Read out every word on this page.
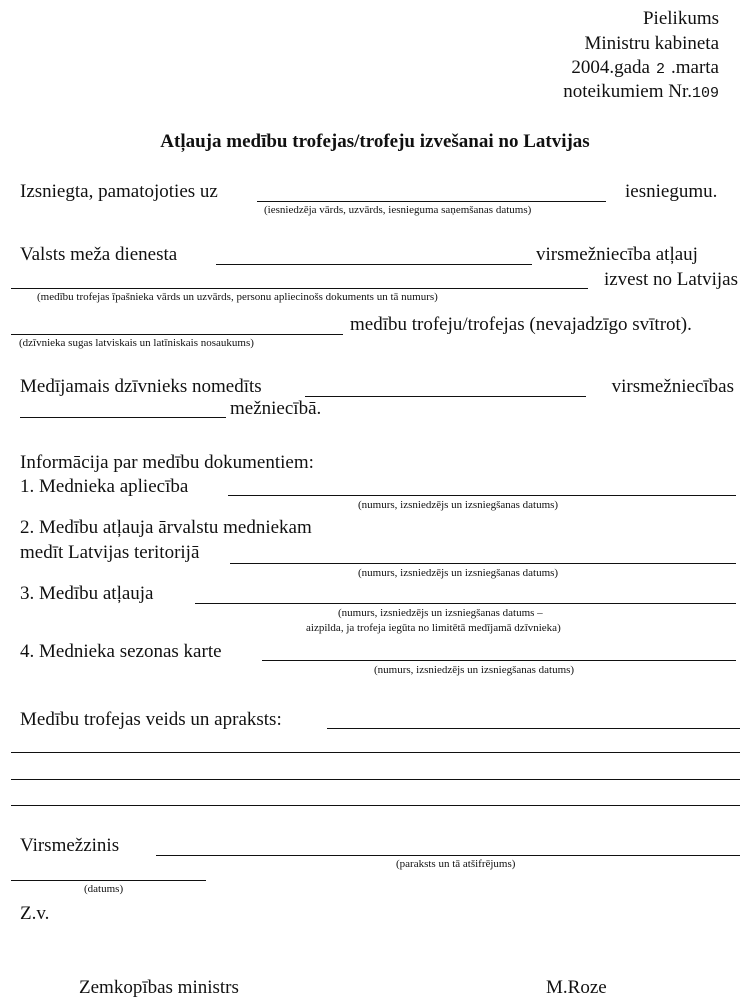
Pielikums
Ministru kabineta
2004.gada 2 .marta
noteikumiem Nr.109
Atļauja medību trofejas/trofeju izvešanai no Latvijas
Izsniegta, pamatojoties uz	iesniegumu.
(iesniedzēja vārds, uzvārds, iesnieguma saņemšanas datums)
Valsts meža dienesta	virsmežniecība atļauj
izvest no Latvijas
(medību trofejas īpašnieka vārds un uzvārds, personu apliecinošs dokuments un tā numurs)
medību trofeju/trofejas (nevajadzīgo svītrot).
(dzīvnieka sugas latviskais un latīniskais nosaukums)
Medījamais dzīvnieks nomedīts	virsmežniecības
mežniecībā.
Informācija par medību dokumentiem:
1. Mednieka apliecība
(numurs, izsniedzējs un izsniegšanas datums)
2. Medību atļauja ārvalstu medniekam
medīt Latvijas teritorijā
(numurs, izsniedzējs un izsniegšanas datums)
3. Medību atļauja
(numurs, izsniedzējs un izsniegšanas datums –
aizpilda, ja trofeja iegūta no limitētā medījamā dzīvnieka)
4. Mednieka sezonas karte
(numurs, izsniedzējs un izsniegšanas datums)
Medību trofejas veids un apraksts:
Virsmežzinis
(paraksts un tā atšifrējums)
(datums)
Z.v.
Zemkopības ministrs	M.Roze
